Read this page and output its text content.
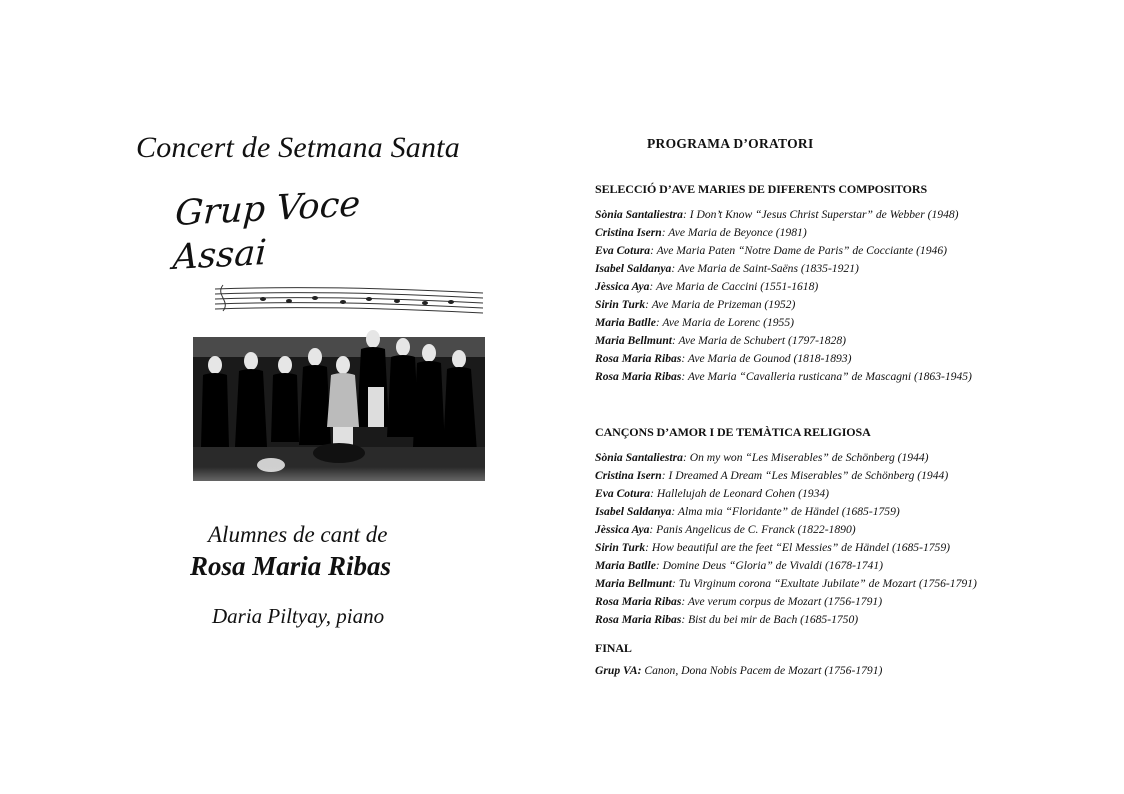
Concert de Setmana Santa
Grup Voce Assai
Alumnes de cant de
Rosa Maria Ribas
Daria Piltyay, piano
PROGRAMA D’ORATORI
SELECCIÓ D’AVE MARIES DE DIFERENTS COMPOSITORS
Sònia Santaliestra: I Don’t Know “Jesus Christ Superstar” de Webber (1948)
Cristina Isern: Ave Maria de Beyonce (1981)
Eva Cotura: Ave Maria Paten “Notre Dame de Paris” de Cocciante (1946)
Isabel Saldanya: Ave Maria de Saint-Saëns (1835-1921)
Jèssica Aya: Ave Maria de Caccini (1551-1618)
Sirin Turk: Ave Maria de Prizeman (1952)
Maria Batlle: Ave Maria de Lorenc (1955)
Maria Bellmunt: Ave Maria de Schubert (1797-1828)
Rosa Maria Ribas: Ave Maria de Gounod (1818-1893)
Rosa Maria Ribas: Ave Maria “Cavalleria rusticana” de Mascagni (1863-1945)
CANÇONS D’AMOR I DE TEMÀTICA RELIGIOSA
Sònia Santaliestra: On my won “Les Miserables” de Schönberg (1944)
Cristina Isern: I Dreamed A Dream “Les Miserables” de Schönberg (1944)
Eva Cotura: Hallelujah de Leonard Cohen (1934)
Isabel Saldanya: Alma mia “Floridante” de Händel (1685-1759)
Jèssica Aya: Panis Angelicus de C. Franck (1822-1890)
Sirin Turk: How beautiful are the feet “El Messies” de Händel (1685-1759)
Maria Batlle: Domine Deus “Gloria” de Vivaldi (1678-1741)
Maria Bellmunt: Tu Virginum corona “Exultate Jubilate” de Mozart (1756-1791)
Rosa Maria Ribas: Ave verum corpus de Mozart (1756-1791)
Rosa Maria Ribas: Bist du bei mir de Bach (1685-1750)
FINAL
Grup VA: Canon, Dona Nobis Pacem de Mozart (1756-1791)
